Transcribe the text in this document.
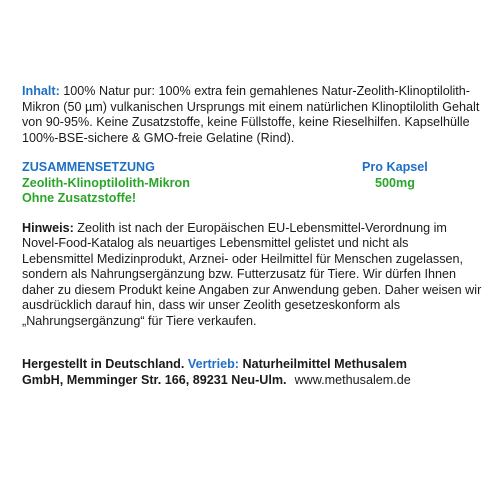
Inhalt: 100% Natur pur: 100% extra fein gemahlenes Natur-Zeolith-Klinoptilolith-Mikron (50 µm) vulkanischen Ursprungs mit einem natürlichen Klinoptilolith Gehalt von 90-95%. Keine Zusatzstoffe, keine Füllstoffe, keine Rieselhilfen. Kapselhülle 100%-BSE-sichere & GMO-freie Gelatine (Rind).

ZUSAMMENSETZUNG	Pro Kapsel
Zeolith-Klinoptilolith-Mikron	500mg
Ohne Zusatzstoffe!

Hinweis: Zeolith ist nach der Europäischen EU-Lebensmittel-Verordnung im Novel-Food-Katalog als neuartiges Lebensmittel gelistet und nicht als Lebensmittel Medizinprodukt, Arznei- oder Heilmittel für Menschen zugelassen, sondern als Nahrungsergänzung bzw. Futterzusatz für Tiere. Wir dürfen Ihnen daher zu diesem Produkt keine Angaben zur Anwendung geben. Daher weisen wir ausdrücklich darauf hin, dass wir unser Zeolith gesetzeskonform als „Nahrungsergänzung“ für Tiere verkaufen.

Hergestellt in Deutschland. Vertrieb: Naturheilmittel Methusalem
GmbH, Memminger Str. 166, 89231 Neu-Ulm. www.methusalem.de
